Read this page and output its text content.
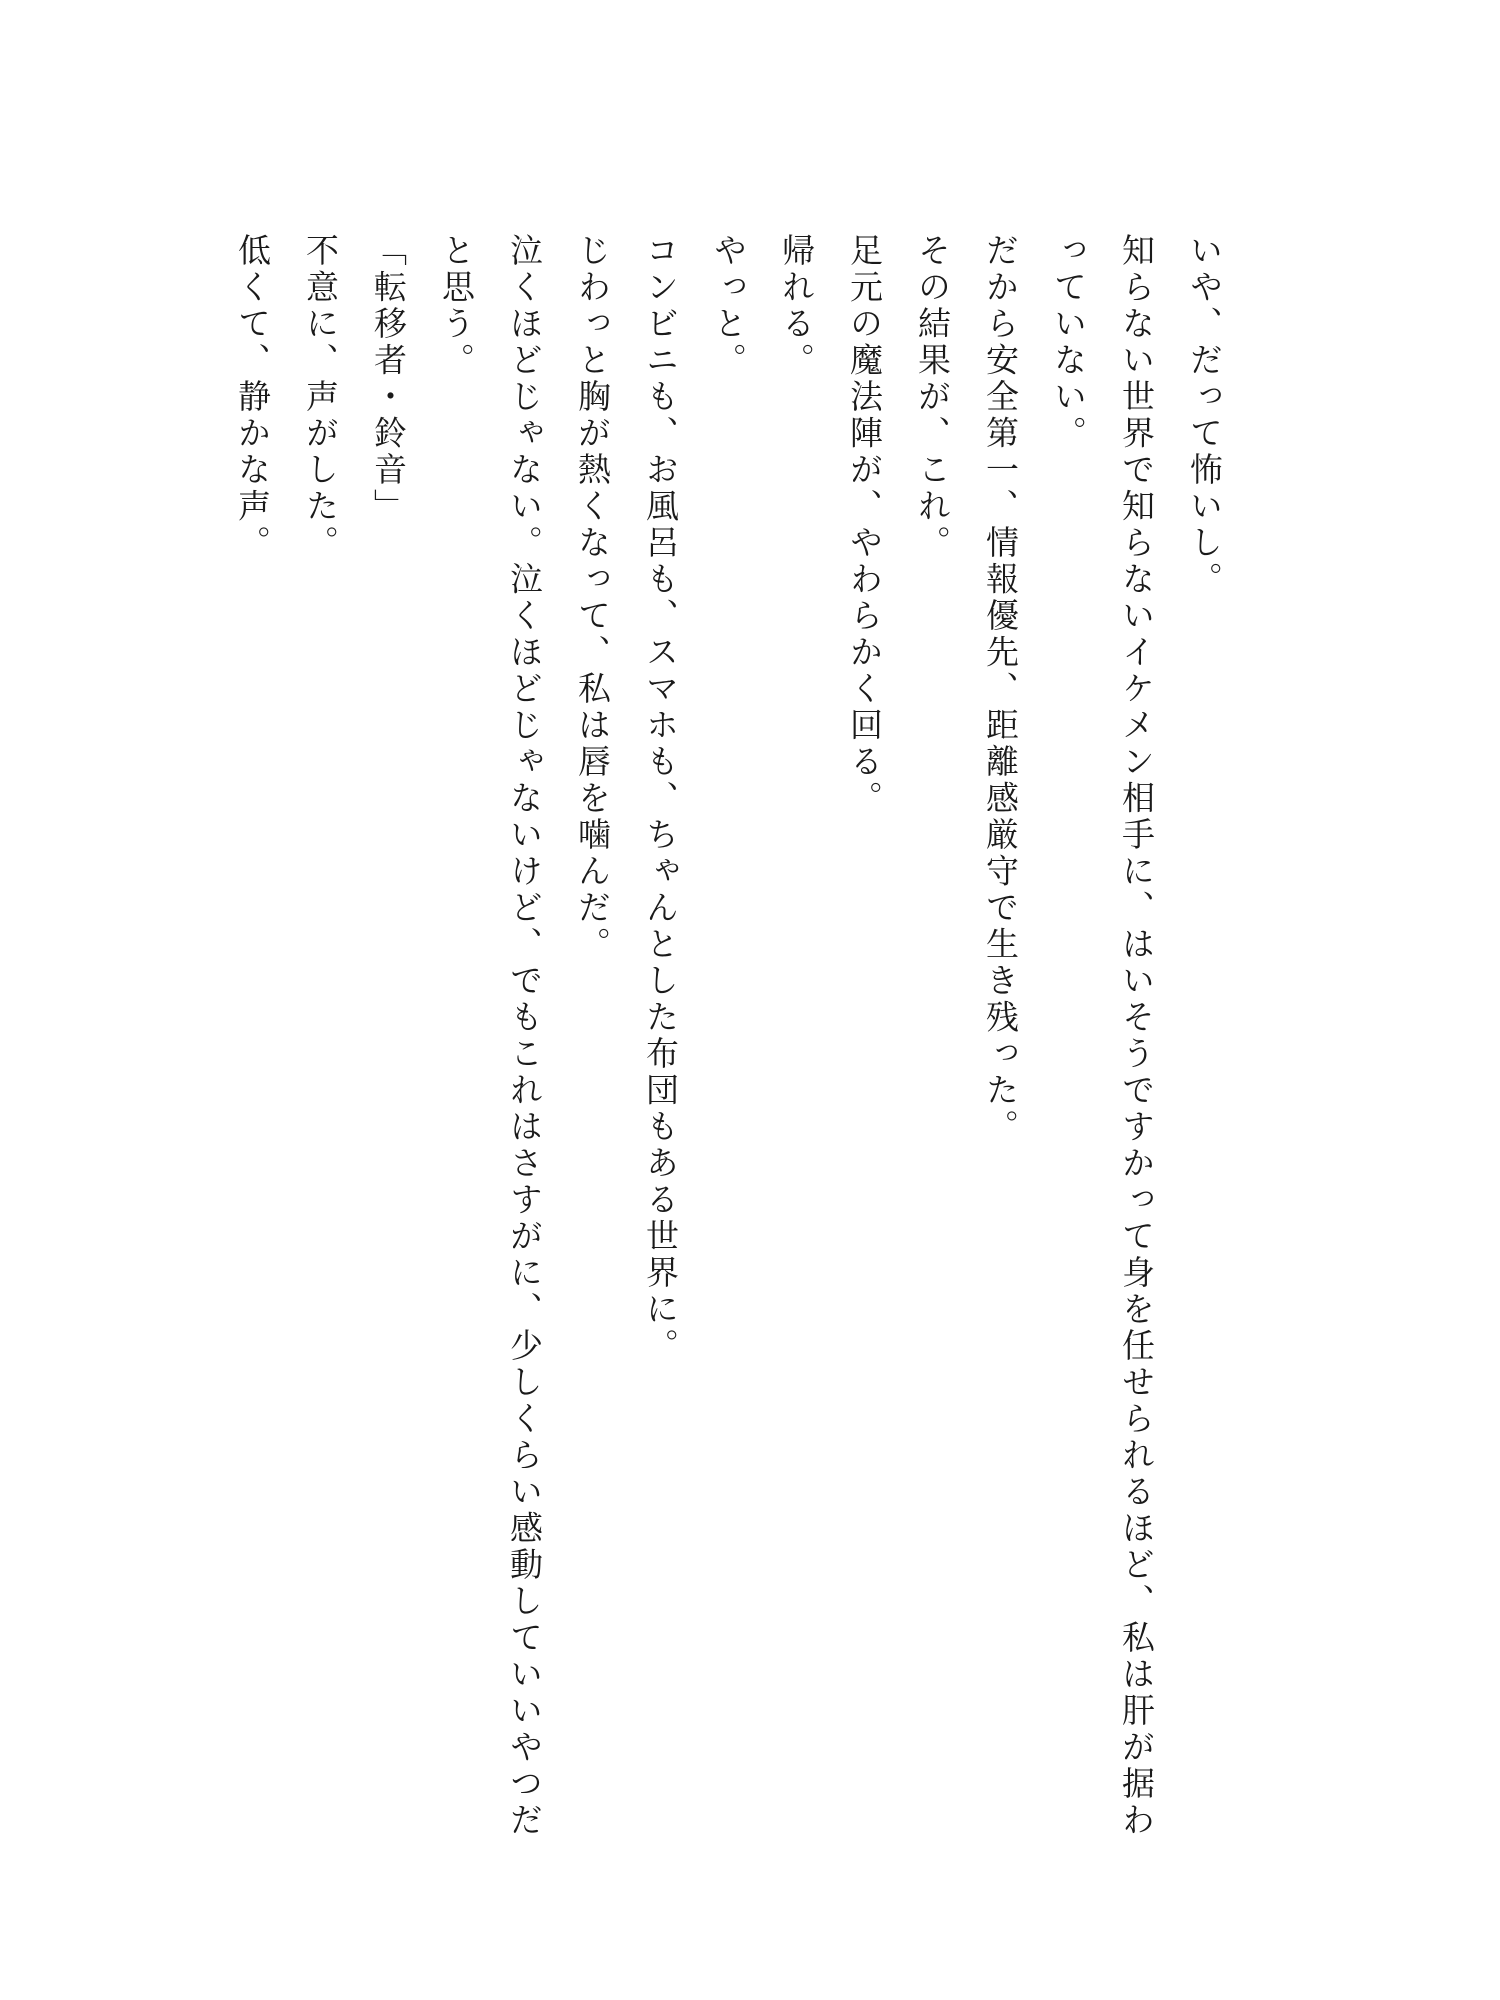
いや、だって怖いし。

知らない世界で知らないイケメン相手に、はいそうですかって身を任せられるほど、私は肝が据わっていない。

だから安全第一、情報優先、距離感厳守で生き残った。

その結果が、これ。

足元の魔法陣が、やわらかく回る。

帰れる。

やっと。

コンビニも、お風呂も、スマホも、ちゃんとした布団もある世界に。

じわっと胸が熱くなって、私は唇を噛んだ。

泣くほどじゃない。泣くほどじゃないけど、でもこれはさすがに、少しくらい感動していいやつだと思う。

「転移者・鈴音」

不意に、声がした。

低くて、静かな声。
